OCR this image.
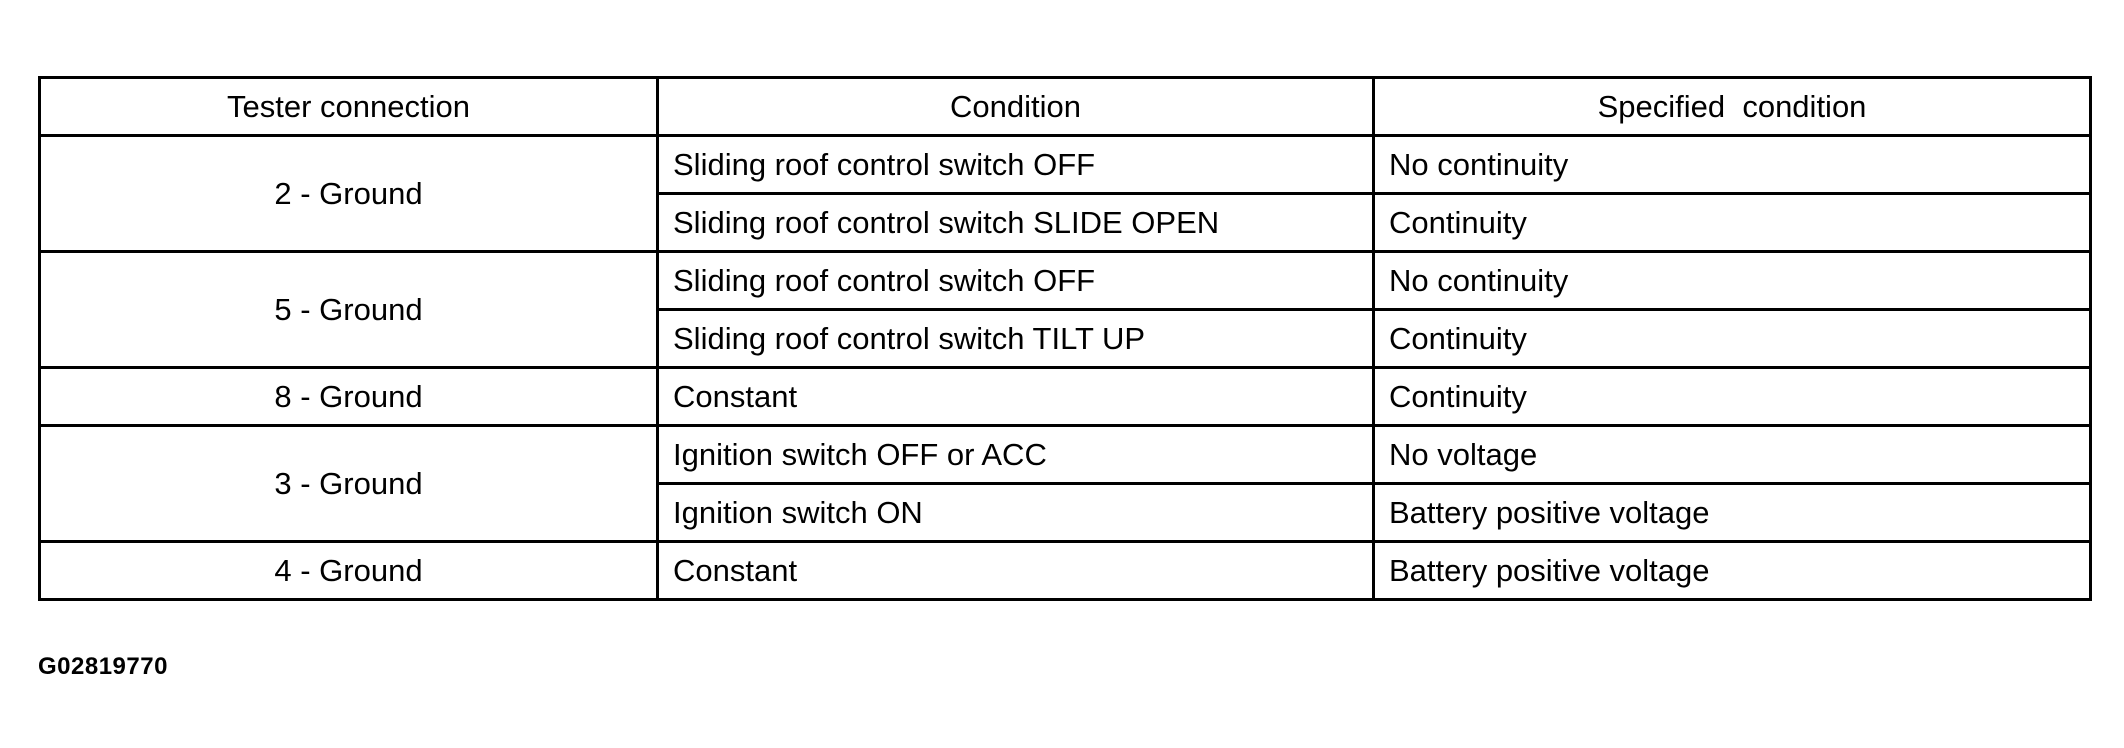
Tester connection	Condition	Specified  condition
2 - Ground	Sliding roof control switch OFF	No continuity
	Sliding roof control switch SLIDE OPEN	Continuity
5 - Ground	Sliding roof control switch OFF	No continuity
	Sliding roof control switch TILT UP	Continuity
8 - Ground	Constant	Continuity
3 - Ground	Ignition switch OFF or ACC	No voltage
	Ignition switch ON	Battery positive voltage
4 - Ground	Constant	Battery positive voltage
G02819770
